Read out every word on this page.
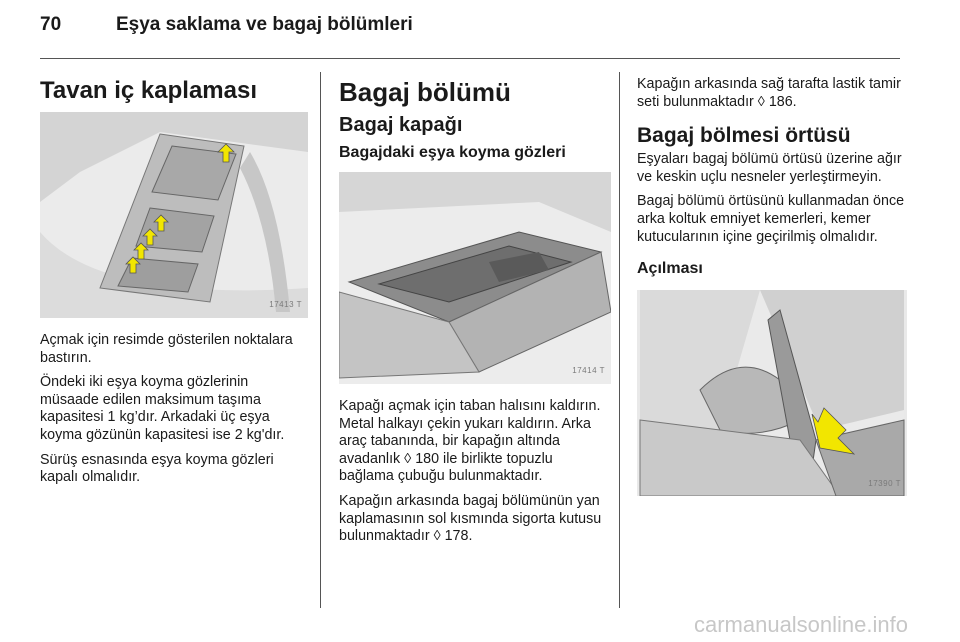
70	Eşya saklama ve bagaj bölümleri
Tavan iç kaplaması
17413 T

Açmak için resimde gösterilen noktalara bastırın.

Öndeki iki eşya koyma gözlerinin müsaade edilen maksimum taşıma kapasitesi 1 kg’dır. Arkadaki üç eşya koyma gözünün kapasitesi ise 2 kg'dır.

Sürüş esnasında eşya koyma gözleri kapalı olmalıdır.

Bagaj bölümü
Bagaj kapağı
Bagajdaki eşya koyma gözleri
17414 T

Kapağı açmak için taban halısını kaldırın. Metal halkayı çekin yukarı kaldırın. Arka araç tabanında, bir kapağın altında avadanlık ◊ 180 ile birlikte topuzlu bağlama çubuğu bulunmaktadır.

Kapağın arkasında bagaj bölümünün yan kaplamasının sol kısmında sigorta kutusu bulunmaktadır ◊ 178.

Kapağın arkasında sağ tarafta lastik tamir seti bulunmaktadır ◊ 186.

Bagaj bölmesi örtüsü

Eşyaları bagaj bölümü örtüsü üzerine ağır ve keskin uçlu nesneler yerleştirmeyin.

Bagaj bölümü örtüsünü kullanmadan önce arka koltuk emniyet kemerleri, kemer kutucularının içine geçirilmiş olmalıdır.

Açılması
17390 T
carmanualsonline.info
